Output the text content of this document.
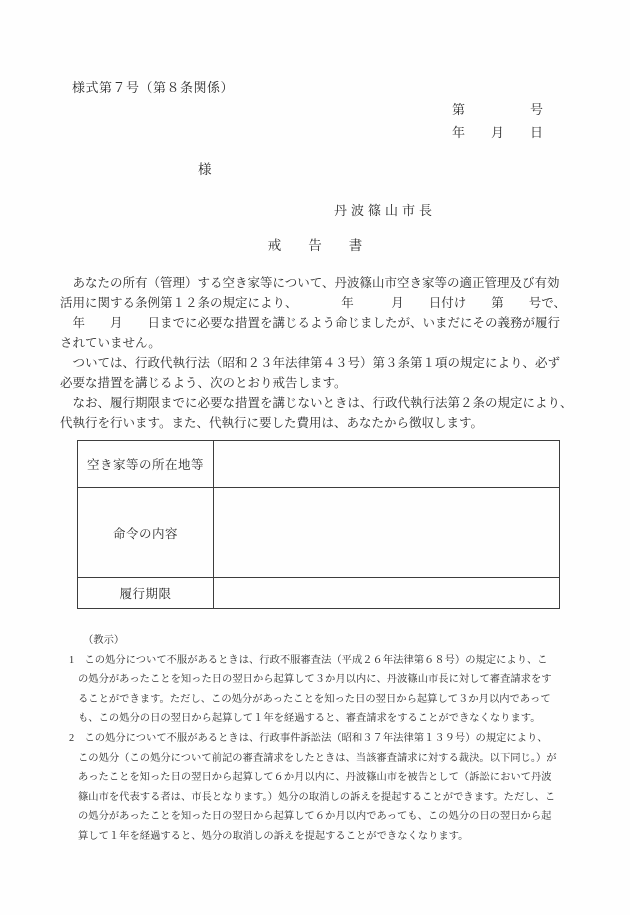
様式第７号（第８条関係）
第　　　　　号
年　　月　　日
様
丹波篠山市長
戒　　告　　書
　あなたの所有（管理）する空き家等について、丹波篠山市空き家等の適正管理及び有効
活用に関する条例第１２条の規定により、　　　　年　　　月　　日付け　　第　　号で、
　年　　月　　日までに必要な措置を講じるよう命じましたが、いまだにその義務が履行
されていません。
　ついては、行政代執行法（昭和２３年法律第４３号）第３条第１項の規定により、必ず
必要な措置を講じるよう、次のとおり戒告します。
　なお、履行期限までに必要な措置を講じないときは、行政代執行法第２条の規定により、
代執行を行います。また、代執行に要した費用は、あなたから徴収します。
空き家等の所在地等	
命令の内容	
履行期限	
（教示）
1　この処分について不服があるときは、行政不服審査法（平成２６年法律第６８号）の規定により、こ
の処分があったことを知った日の翌日から起算して３か月以内に、丹波篠山市長に対して審査請求をす
ることができます。ただし、この処分があったことを知った日の翌日から起算して３か月以内であって
も、この処分の日の翌日から起算して１年を経過すると、審査請求をすることができなくなります。
2　この処分について不服があるときは、行政事件訴訟法（昭和３７年法律第１３９号）の規定により、
この処分（この処分について前記の審査請求をしたときは、当該審査請求に対する裁決。以下同じ。）が
あったことを知った日の翌日から起算して６か月以内に、丹波篠山市を被告として（訴訟において丹波
篠山市を代表する者は、市長となります。）処分の取消しの訴えを提起することができます。ただし、こ
の処分があったことを知った日の翌日から起算して６か月以内であっても、この処分の日の翌日から起
算して１年を経過すると、処分の取消しの訴えを提起することができなくなります。
